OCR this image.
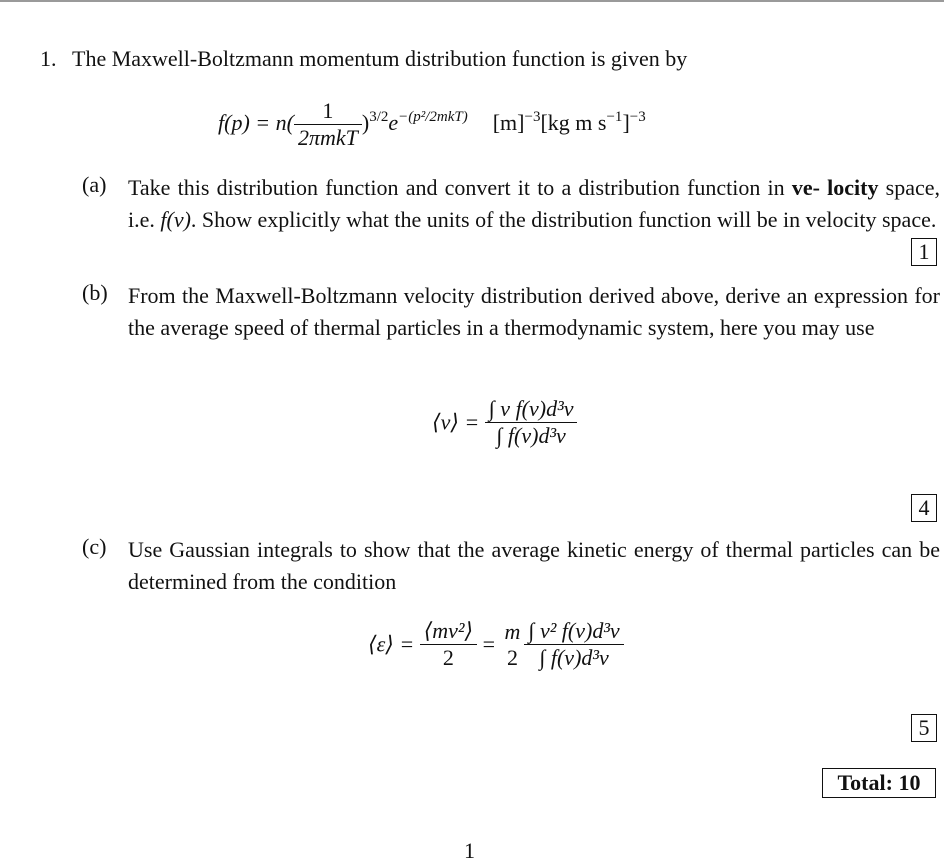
1. The Maxwell-Boltzmann momentum distribution function is given by
$f(p) = n( \frac{1}{\text{2πmkT}} )^{3/2}e^{-(p^2/2mkT)}$ $[m]^{-3}[kg$ m $s^{-1}]^{-3}$
(a) Take this distribution function and convert it to a distribution function in ve- locity space, i.e. f(v). Show explicitly what the units of the distribution function will be in velocity space.
1
(b) From the Maxwell-Boltzmann velocity distribution derived above, derive an expression for the average speed of thermal particles in a thermodynamic system, here you may use
⟨v⟩ = $\frac{\text{∫ v f(v)d³v}}{\text{∫ f(v)d³v}}$
4
(c) Use Gaussian integrals to show that the average kinetic energy of thermal particles can be determined from the condition
⟨ε⟩ = $\frac{\text{⟨mv²⟩}}{2}$ =
m
$2 \frac{\text{∫ v² f(v)d³v}}{\text{∫ f(v)d³v}}$
5
Total: 10
1
